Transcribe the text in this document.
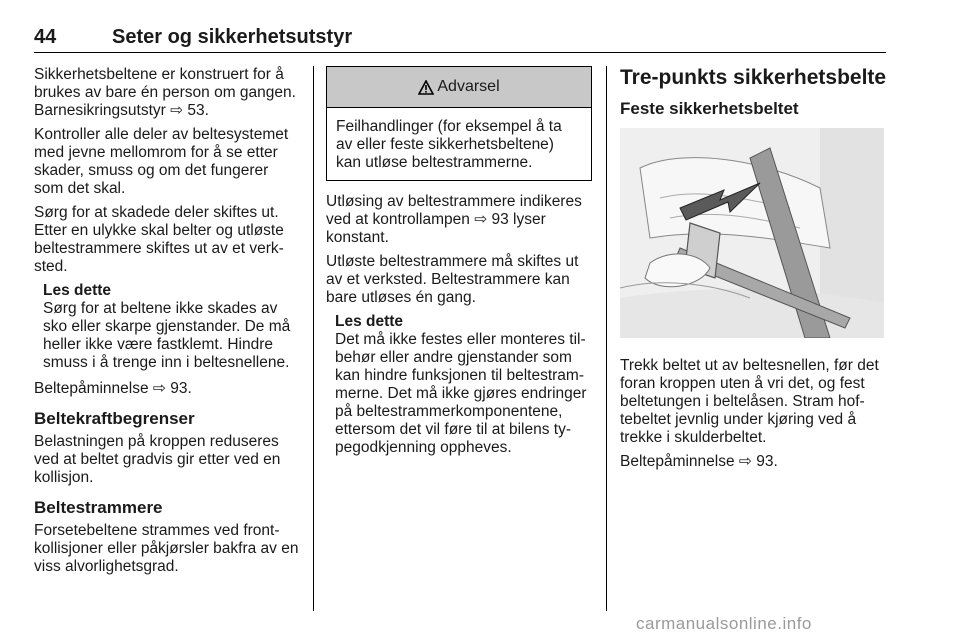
44	Seter og sikkerhetsutstyr

Sikkerhetsbeltene er konstruert for å brukes av bare én person om gangen. Barnesikringsutstyr ⇨ 53.

Kontroller alle deler av beltesystemet med jevne mellomrom for å se etter skader, smuss og om det fungerer som det skal.

Sørg for at skadede deler skiftes ut. Etter en ulykke skal belter og utløste beltestrammere skiftes ut av et verk-sted.

Les dette
Sørg for at beltene ikke skades av sko eller skarpe gjenstander. De må heller ikke være fastklemt. Hindre smuss i å trenge inn i beltesnellene.

Beltepåminnelse ⇨ 93.

Beltekraftbegrenser

Belastningen på kroppen reduseres ved at beltet gradvis gir etter ved en kollisjon.

Beltestrammere

Forsetebeltene strammes ved front-kollisjoner eller påkjørsler bakfra av en viss alvorlighetsgrad.

Advarsel
Feilhandlinger (for eksempel å ta av eller feste sikkerhetsbeltene) kan utløse beltestrammerne.

Utløsing av beltestrammere indikeres ved at kontrollampen ⇨ 93 lyser konstant.

Utløste beltestrammere må skiftes ut av et verksted. Beltestrammere kan bare utløses én gang.

Les dette
Det må ikke festes eller monteres til-behør eller andre gjenstander som kan hindre funksjonen til beltestram-merne. Det må ikke gjøres endringer på beltestrammerkomponentene, ettersom det vil føre til at bilens ty-pegodkjenning oppheves.
Tre-punkts sikkerhetsbelte
Feste sikkerhetsbeltet

Trekk beltet ut av beltesnellen, før det foran kroppen uten å vri det, og fest beltetungen i beltelåsen. Stram hof-tebeltet jevnlig under kjøring ved å trekke i skulderbeltet.

Beltepåminnelse ⇨ 93.

carmanualsonline.info
